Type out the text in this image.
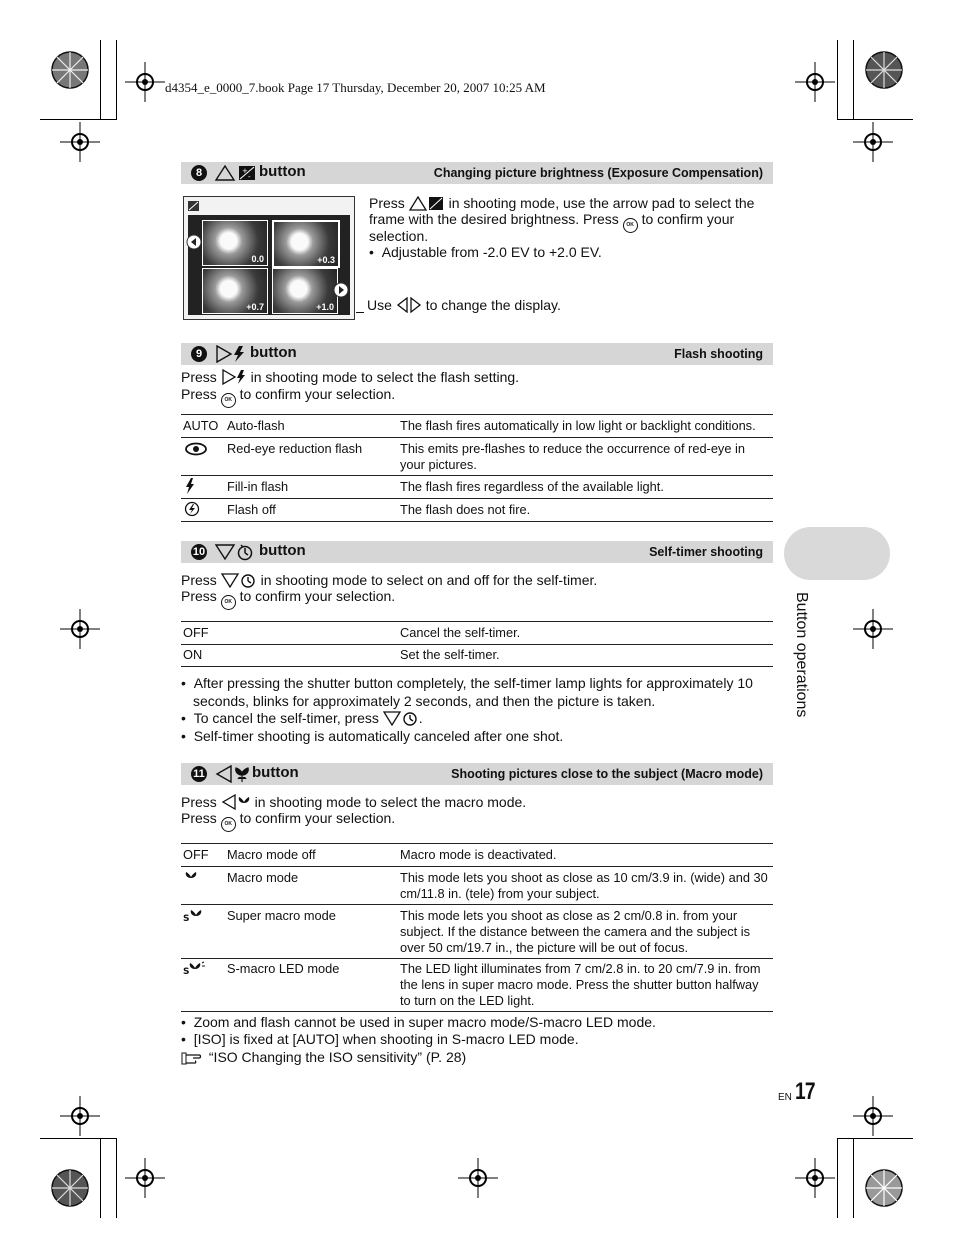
d4354_e_0000_7.book Page 17 Thursday, December 20, 2007 10:25 AM
8	+
- button	Changing picture brightness (Exposure Compensation)
0.0	+0.3
+0.7	+1.0
Press	in shooting mode, use the arrow pad to select the
frame with the desired brightness. Press OK to confirm your
selection.
•  Adjustable from -2.0 EV to +2.0 EV.
Use to change the display.
9	button	Flash shooting
Press in shooting mode to select the flash setting.
Press OK to confirm your selection.
AUTO Auto-flash	The flash fires automatically in low light or backlight conditions.
Red-eye reduction flash	This emits pre-flashes to reduce the occurrence of red-eye in your pictures.
Fill-in flash	The flash fires regardless of the available light.
Flash off	The flash does not fire.
10	button	Self-timer shooting
Press	in shooting mode to select on and off for the self-timer.
Press OK to confirm your selection.
OFF	Cancel the self-timer.
ON	Set the self-timer.
•  After pressing the shutter button completely, the self-timer lamp lights for approximately 10
seconds, blinks for approximately 2 seconds, and then the picture is taken.
•  To cancel the self-timer, press	.
•  Self-timer shooting is automatically canceled after one shot.
11	button	Shooting pictures close to the subject (Macro mode)
Press	in shooting mode to select the macro mode.
Press OK to confirm your selection.
OFF Macro mode off	Macro mode is deactivated.
Macro mode	This mode lets you shoot as close as 10 cm/3.9 in. (wide) and 30 cm/11.8 in. (tele) from your subject.
S	Super macro mode	This mode lets you shoot as close as 2 cm/0.8 in. from your subject. If the distance between the camera and the subject is over 50 cm/19.7 in., the picture will be out of focus.
S	S-macro LED mode	The LED light illuminates from 7 cm/2.8 in. to 20 cm/7.9 in. from the lens in super macro mode. Press the shutter button halfway to turn on the LED light.
•  Zoom and flash cannot be used in super macro mode/S-macro LED mode.
•  [ISO] is fixed at [AUTO] when shooting in S-macro LED mode.
“ISO Changing the ISO sensitivity” (P. 28)
Button operations
EN 17
